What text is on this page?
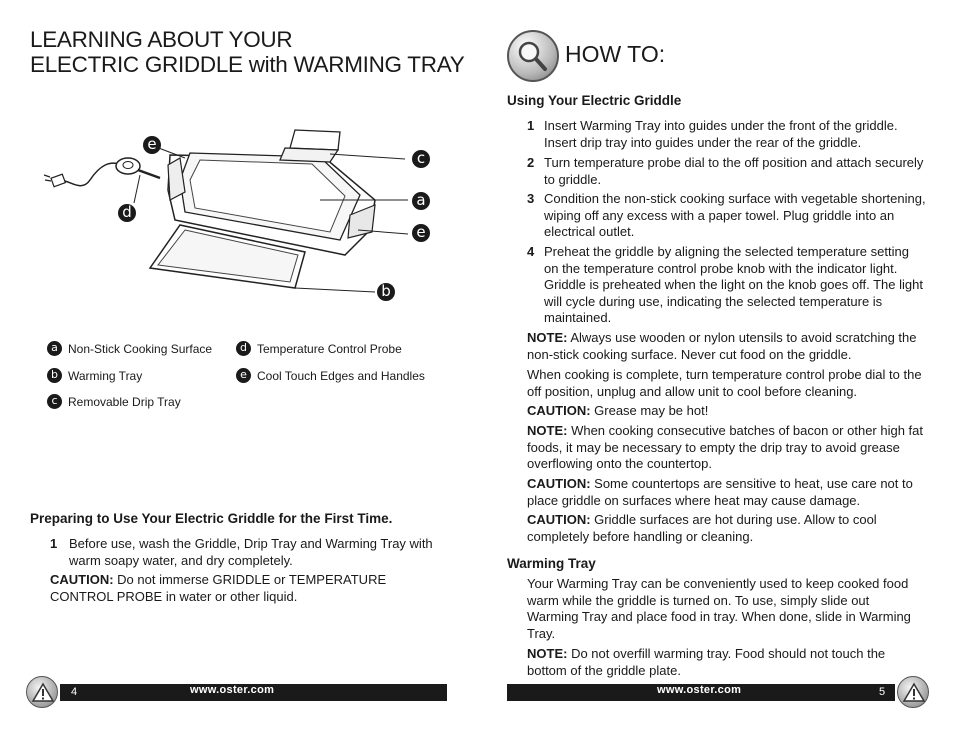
LEARNING ABOUT YOUR
ELECTRIC GRIDDLE with WARMING TRAY
e
c
d
a
e
b
a Non-Stick Cooking Surface
b Warming Tray
c Removable Drip Tray
d Temperature Control Probe
e Cool Touch Edges and Handles
Preparing to Use Your Electric Griddle for the First Time.
1 Before use, wash the Griddle, Drip Tray and Warming Tray with warm soapy water, and dry completely.
CAUTION: Do not immerse GRIDDLE or TEMPERATURE CONTROL PROBE in water or other liquid.
4	www.oster.com
HOW TO:
Using Your Electric Griddle
1 Insert Warming Tray into guides under the front of the griddle. Insert drip tray into guides under the rear of the griddle.
2 Turn temperature probe dial to the off position and attach securely to griddle.
3 Condition the non-stick cooking surface with vegetable shortening, wiping off any excess with a paper towel. Plug griddle into an electrical outlet.
4 Preheat the griddle by aligning the selected temperature setting on the temperature control probe knob with the indicator light. Griddle is preheated when the light on the knob goes off. The light will cycle during use, indicating the selected temperature is maintained.
NOTE: Always use wooden or nylon utensils to avoid scratching the non-stick cooking surface. Never cut food on the griddle.
When cooking is complete, turn temperature control probe dial to the off position, unplug and allow unit to cool before cleaning.
CAUTION: Grease may be hot!
NOTE: When cooking consecutive batches of bacon or other high fat foods, it may be necessary to empty the drip tray to avoid grease overflowing onto the countertop.
CAUTION: Some countertops are sensitive to heat, use care not to place griddle on surfaces where heat may cause damage.
CAUTION: Griddle surfaces are hot during use. Allow to cool completely before handling or cleaning.
Warming Tray
Your Warming Tray can be conveniently used to keep cooked food warm while the griddle is turned on. To use, simply slide out Warming Tray and place food in tray. When done, slide in Warming Tray.
NOTE: Do not overfill warming tray. Food should not touch the bottom of the griddle plate.
www.oster.com	5
